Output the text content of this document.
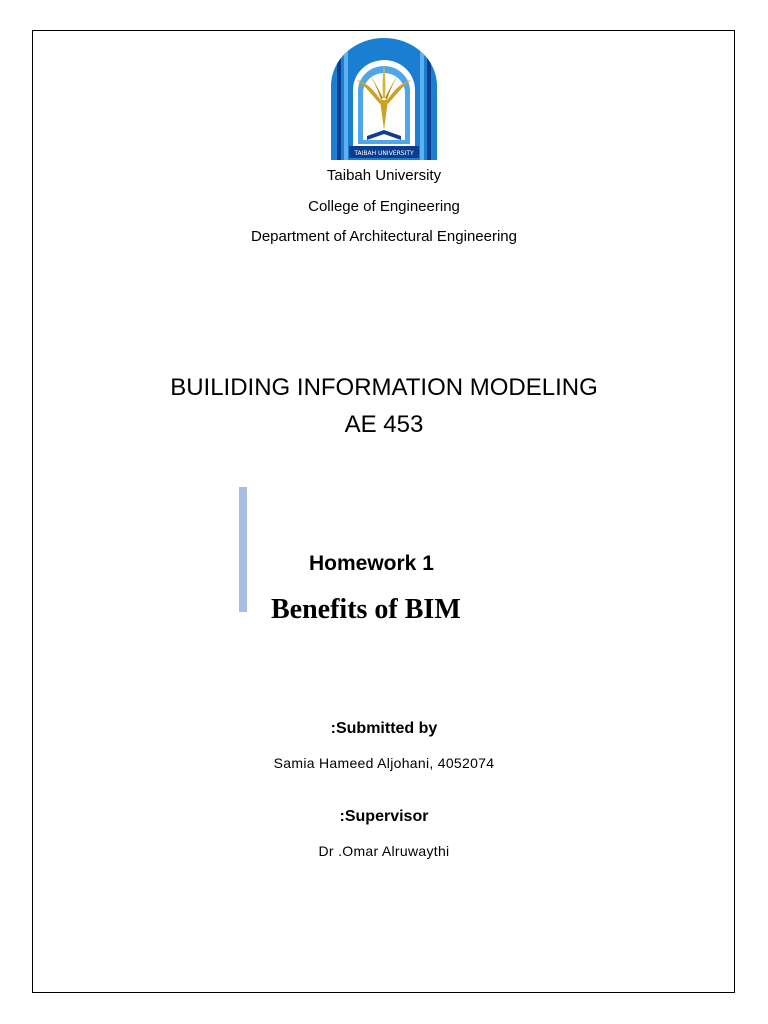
TAIBAH UNIVERSITY
Taibah University
College of Engineering
Department of Architectural Engineering
BUILIDING INFORMATION MODELING
AE 453
Homework 1
Benefits of BIM
:Submitted by
Samia Hameed Aljohani, 4052074
:Supervisor
Dr .Omar Alruwaythi
